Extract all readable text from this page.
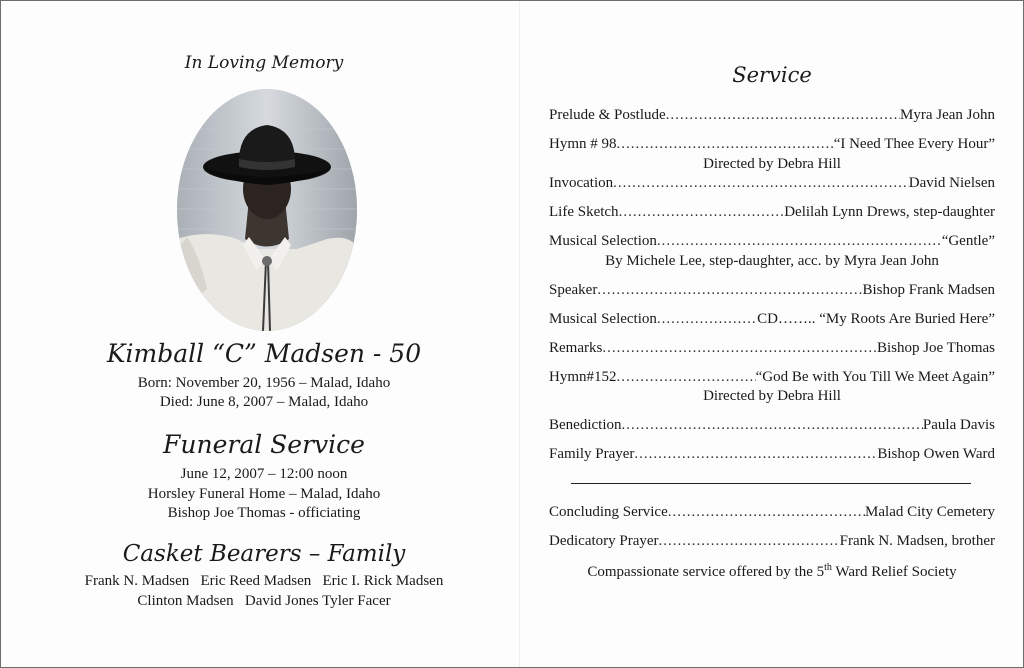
In Loving Memory
Kimball “C” Madsen - 50
Born: November 20, 1956 – Malad, Idaho
Died: June 8, 2007 – Malad, Idaho
Funeral Service
June 12, 2007 – 12:00 noon
Horsley Funeral Home – Malad, Idaho
Bishop Joe Thomas - officiating
Casket Bearers – Family
Frank N. Madsen   Eric Reed Madsen   Eric I. Rick Madsen
Clinton Madsen   David Jones Tyler Facer
Service
Prelude & Postlude .....	Myra Jean John
Hymn # 98 .....	“I Need Thee Every Hour”
Directed by Debra Hill
Invocation .....	David Nielsen
Life Sketch .....	Delilah Lynn Drews, step-daughter
Musical Selection .....	“Gentle”
By Michele Lee, step-daughter, acc. by Myra Jean John
Speaker .....	Bishop Frank Madsen
Musical Selection .....	CD…….. “My Roots Are Buried Here”
Remarks .....	Bishop Joe Thomas
Hymn#152 .....	“God Be with You Till We Meet Again”
Directed by Debra Hill
Benediction .....	Paula Davis
Family Prayer .....	Bishop Owen Ward
Concluding Service .....	Malad City Cemetery
Dedicatory Prayer .....	Frank N. Madsen, brother
Compassionate service offered by the 5th Ward Relief Society
